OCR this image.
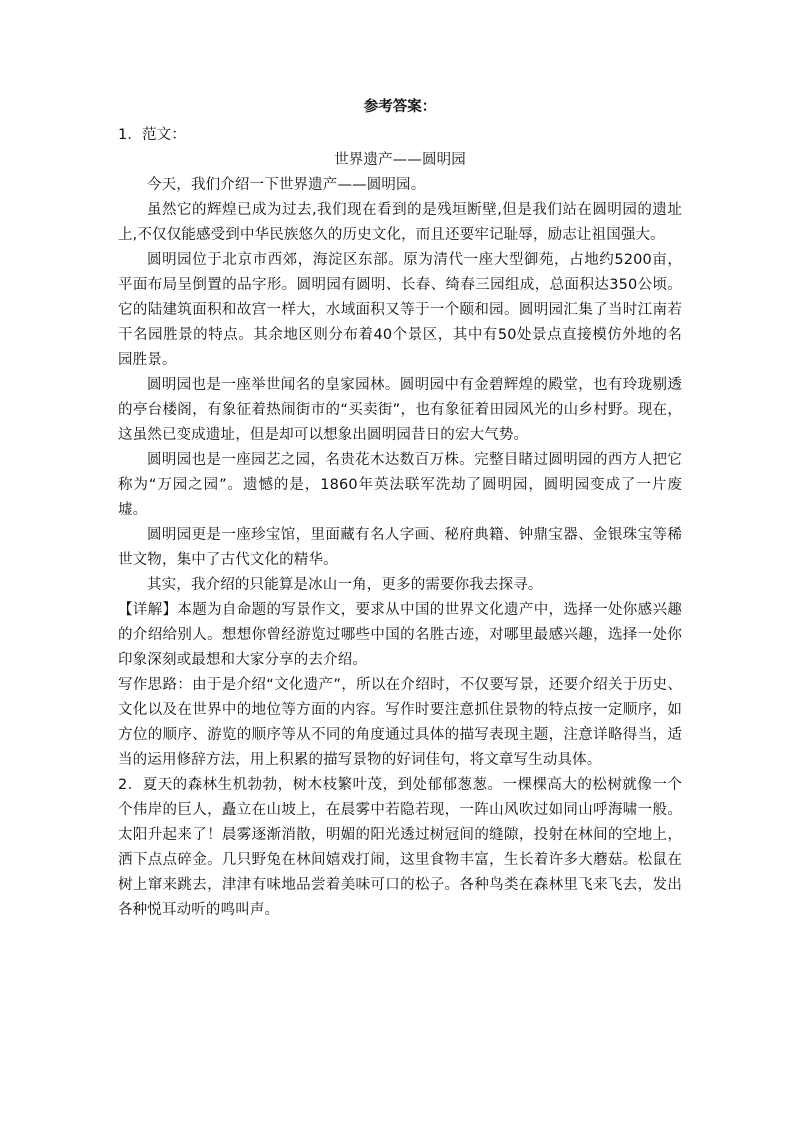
参考答案：

1．范文：

世界遗产——圆明园

今天，我们介绍一下世界遗产——圆明园。

虽然它的辉煌已成为过去,我们现在看到的是残垣断壁,但是我们站在圆明园的遗址上,不仅仅能感受到中华民族悠久的历史文化，而且还要牢记耻辱，励志让祖国强大。

圆明园位于北京市西郊，海淀区东部。原为清代一座大型御苑，占地约5200亩，平面布局呈倒置的品字形。圆明园有圆明、长春、绮春三园组成，总面积达350公顷。它的陆建筑面积和故宫一样大，水域面积又等于一个颐和园。圆明园汇集了当时江南若干名园胜景的特点。其余地区则分布着40个景区，其中有50处景点直接模仿外地的名园胜景。

圆明园也是一座举世闻名的皇家园林。圆明园中有金碧辉煌的殿堂，也有玲珑剔透的亭台楼阁，有象征着热闹街市的“买卖街”，也有象征着田园风光的山乡村野。现在，这虽然已变成遗址，但是却可以想象出圆明园昔日的宏大气势。

圆明园也是一座园艺之园，名贵花木达数百万株。完整目睹过圆明园的西方人把它称为“万园之园”。遗憾的是，1860年英法联军洗劫了圆明园，圆明园变成了一片废墟。

圆明园更是一座珍宝馆，里面藏有名人字画、秘府典籍、钟鼎宝器、金银珠宝等稀世文物，集中了古代文化的精华。

其实，我介绍的只能算是冰山一角，更多的需要你我去探寻。

【详解】本题为自命题的写景作文，要求从中国的世界文化遗产中，选择一处你感兴趣的介绍给别人。想想你曾经游览过哪些中国的名胜古迹，对哪里最感兴趣，选择一处你印象深刻或最想和大家分享的去介绍。

写作思路：由于是介绍“文化遗产”，所以在介绍时，不仅要写景，还要介绍关于历史、文化以及在世界中的地位等方面的内容。写作时要注意抓住景物的特点按一定顺序，如方位的顺序、游览的顺序等从不同的角度通过具体的描写表现主题，注意详略得当，适当的运用修辞方法，用上积累的描写景物的好词佳句，将文章写生动具体。

2．夏天的森林生机勃勃，树木枝繁叶茂，到处郁郁葱葱。一棵棵高大的松树就像一个个伟岸的巨人，矗立在山坡上，在晨雾中若隐若现，一阵山风吹过如同山呼海啸一般。太阳升起来了！晨雾逐渐消散，明媚的阳光透过树冠间的缝隙，投射在林间的空地上，洒下点点碎金。几只野兔在林间嬉戏打闹，这里食物丰富，生长着许多大蘑菇。松鼠在树上窜来跳去，津津有味地品尝着美味可口的松子。各种鸟类在森林里飞来飞去，发出各种悦耳动听的鸣叫声。
